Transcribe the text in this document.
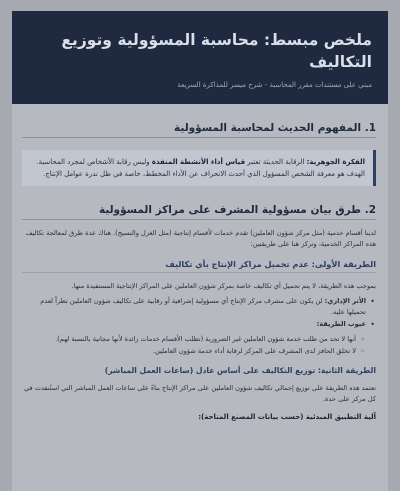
ملخص مبسط: محاسبة المسؤولية وتوزيع التكاليف
مبني على مستندات مقرر المحاسبة - شرح ميسر للمذاكرة السريعة
1. المفهوم الحديث لمحاسبة المسؤولية
الفكرة الجوهرية: الرقابة الحديثة تعتبر قياس أداء الأنشطة المنفذة وليس رقابة الأشخاص لمجرد المحاسبة. الهدف هو معرفة الشخص المسؤول الذي أحدث الانحراف عن الأداء المخطط، خاصة في ظل ندرة عوامل الإنتاج.
2. طرق بيان مسؤولية المشرف على مراكز المسؤولية
لدينا أقسام خدمية (مثل مركز شؤون العاملين) تقدم خدمات لأقسام إنتاجية (مثل الغزل والنسيج). هناك عدة طرق لمعالجة تكاليف هذه المراكز الخدمية، وتركز هنا على طريقتين:
الطريقة الأولى: عدم تحميل مراكز الإنتاج بأي تكاليف
بموجب هذه الطريقة، لا يتم تحميل أي تكاليف خاصة بمركز شؤون العاملين على المراكز الإنتاجية المستفيدة منها.
• الأثر الإداري: لن يكون على مشرف مركز الإنتاج أي مسؤولية إشرافية أو رقابية على تكاليف شؤون العاملين نظراً لعدم تحميلها عليه.
• عيوب الطريقة:
◦ أنها لا تحد من طلب خدمة شؤون العاملين غير الضرورية (تطلب الأقسام خدمات زائدة لأنها مجانية بالنسبة لهم).
◦ لا تخلق الحافز لدى المشرف على المركز لرقابة أداء خدمة شؤون العاملين.
الطريقة الثانية: توزيع التكاليف على أساس عادل (ساعات العمل المباشر)
تعتمد هذه الطريقة على توزيع إجمالي تكاليف شؤون العاملين على مراكز الإنتاج بناءً على ساعات العمل المباشر التي استُنفدت في كل مركز على حدة.
آلية التطبيق المبدئية (حسب بيانات المصنع المتاحة):
